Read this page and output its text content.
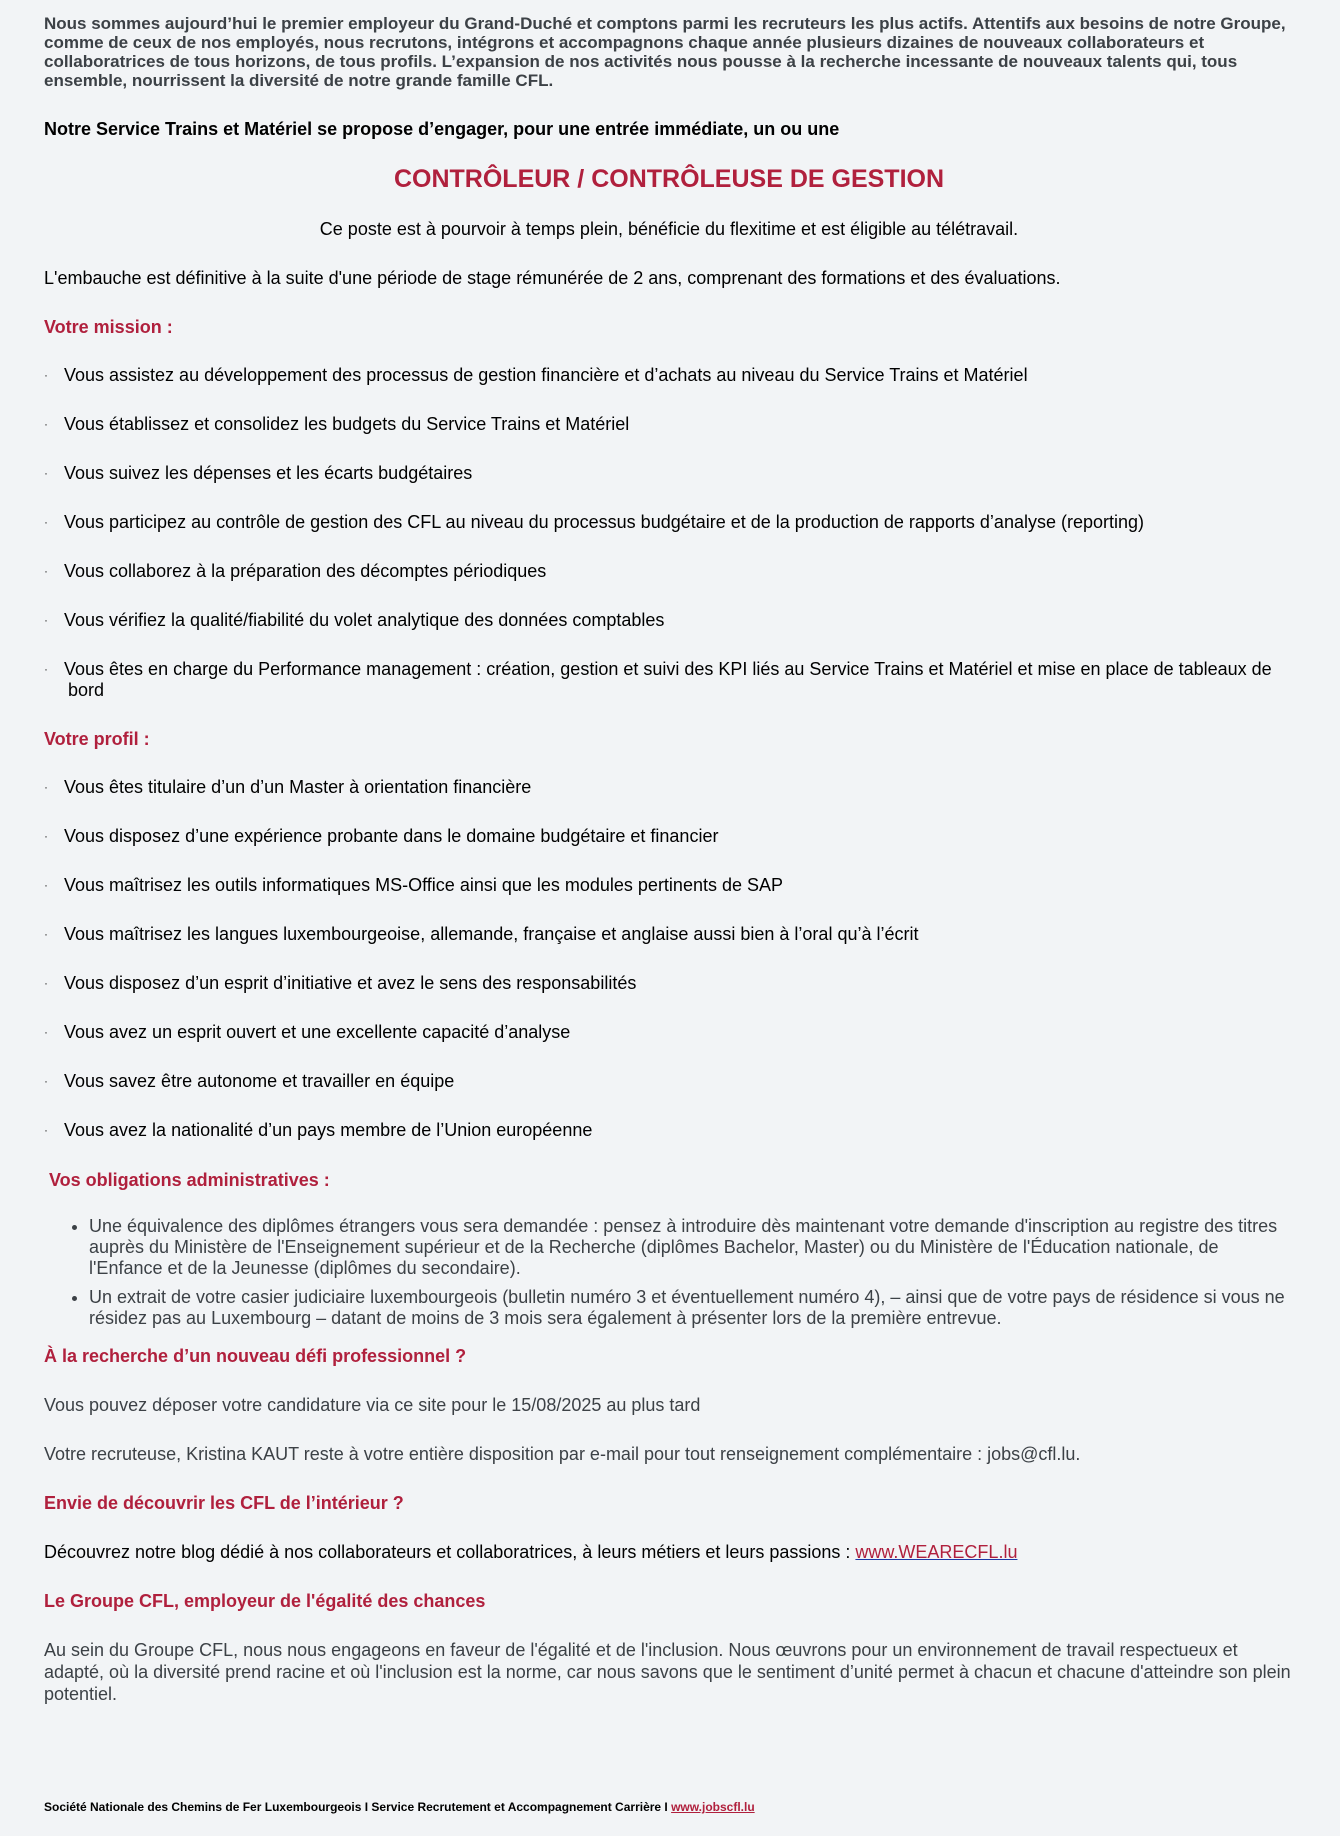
Nous sommes aujourd’hui le premier employeur du Grand-Duché et comptons parmi les recruteurs les plus actifs. Attentifs aux besoins de notre Groupe, comme de ceux de nos employés, nous recrutons, intégrons et accompagnons chaque année plusieurs dizaines de nouveaux collaborateurs et collaboratrices de tous horizons, de tous profils. L’expansion de nos activités nous pousse à la recherche incessante de nouveaux talents qui, tous ensemble, nourrissent la diversité de notre grande famille CFL.

Notre Service Trains et Matériel se propose d’engager, pour une entrée immédiate, un ou une

CONTRÔLEUR / CONTRÔLEUSE DE GESTION

Ce poste est à pourvoir à temps plein, bénéficie du flexitime et est éligible au télétravail.

L'embauche est définitive à la suite d'une période de stage rémunérée de 2 ans, comprenant des formations et des évaluations.

Votre mission :

· Vous assistez au développement des processus de gestion financière et d’achats au niveau du Service Trains et Matériel

· Vous établissez et consolidez les budgets du Service Trains et Matériel

· Vous suivez les dépenses et les écarts budgétaires

· Vous participez au contrôle de gestion des CFL au niveau du processus budgétaire et de la production de rapports d’analyse (reporting)

· Vous collaborez à la préparation des décomptes périodiques

· Vous vérifiez la qualité/fiabilité du volet analytique des données comptables

· Vous êtes en charge du Performance management : création, gestion et suivi des KPI liés au Service Trains et Matériel et mise en place de tableaux de
bord

Votre profil :

· Vous êtes titulaire d’un d’un Master à orientation financière

· Vous disposez d’une expérience probante dans le domaine budgétaire et financier

· Vous maîtrisez les outils informatiques MS-Office ainsi que les modules pertinents de SAP

· Vous maîtrisez les langues luxembourgeoise, allemande, française et anglaise aussi bien à l’oral qu’à l’écrit

· Vous disposez d’un esprit d’initiative et avez le sens des responsabilités

· Vous avez un esprit ouvert et une excellente capacité d’analyse

· Vous savez être autonome et travailler en équipe

· Vous avez la nationalité d’un pays membre de l’Union européenne

Vos obligations administratives :
• Une équivalence des diplômes étrangers vous sera demandée : pensez à introduire dès maintenant votre demande d'inscription au registre des titres auprès du Ministère de l'Enseignement supérieur et de la Recherche (diplômes Bachelor, Master) ou du Ministère de l'Éducation nationale, de l'Enfance et de la Jeunesse (diplômes du secondaire).
• Un extrait de votre casier judiciaire luxembourgeois (bulletin numéro 3 et éventuellement numéro 4), – ainsi que de votre pays de résidence si vous ne résidez pas au Luxembourg – datant de moins de 3 mois sera également à présenter lors de la première entrevue.
À la recherche d’un nouveau défi professionnel ?

Vous pouvez déposer votre candidature via ce site pour le 15/08/2025 au plus tard

Votre recruteuse, Kristina KAUT reste à votre entière disposition par e-mail pour tout renseignement complémentaire : jobs@cfl.lu.

Envie de découvrir les CFL de l’intérieur ?

Découvrez notre blog dédié à nos collaborateurs et collaboratrices, à leurs métiers et leurs passions : www.WEARECFL.lu

Le Groupe CFL, employeur de l'égalité des chances

Au sein du Groupe CFL, nous nous engageons en faveur de l'égalité et de l'inclusion. Nous œuvrons pour un environnement de travail respectueux et adapté, où la diversité prend racine et où l'inclusion est la norme, car nous savons que le sentiment d’unité permet à chacun et chacune d'atteindre son plein potentiel.

Société Nationale des Chemins de Fer Luxembourgeois I Service Recrutement et Accompagnement Carrière I www.jobscfl.lu
